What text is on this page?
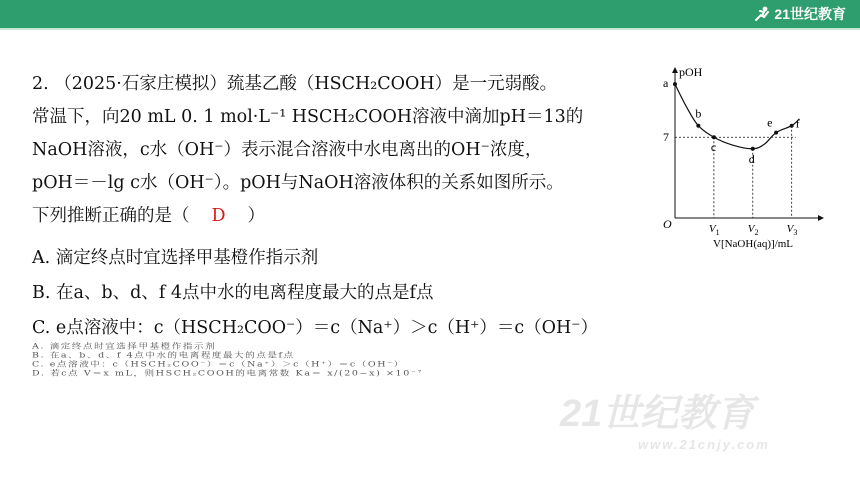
21世纪教育
2. （2025·石家庄模拟）巯基乙酸（HSCH₂COOH）是一元弱酸。
常温下，向20 mL 0. 1 mol·L⁻¹ HSCH₂COOH溶液中滴加pH＝13的
NaOH溶液，c水（OH⁻）表示混合溶液中水电离出的OH⁻浓度，
pOH＝－lg c水（OH⁻）。pOH与NaOH溶液体积的关系如图所示。
下列推断正确的是（ D ）
A. 滴定终点时宜选择甲基橙作指示剂
B. 在a、b、d、f 4点中水的电离程度最大的点是f点
C. e点溶液中：c（HSCH₂COO⁻）＝c（Na⁺）＞c（H⁺）＝c（OH⁻）
A. 滴定终点时宜选择甲基橙作指示剂
B. 在a、b、d、f 4点中水的电离程度最大的点是f点
C. e点溶液中：c（HSCH₂COO⁻）＝c（Na⁺）＞c（H⁺）＝c（OH⁻）
D. 若c点 V＝x mL，则HSCH₂COOH的电离常数 Ka＝ x/(20−x) ×10⁻⁷
21世纪教育
www.21cnjy.com
pOH
O
V[NaOH(aq)]/mL
7
$V_1$	$V_2$	$V_3$
a
b
c
d
e f
